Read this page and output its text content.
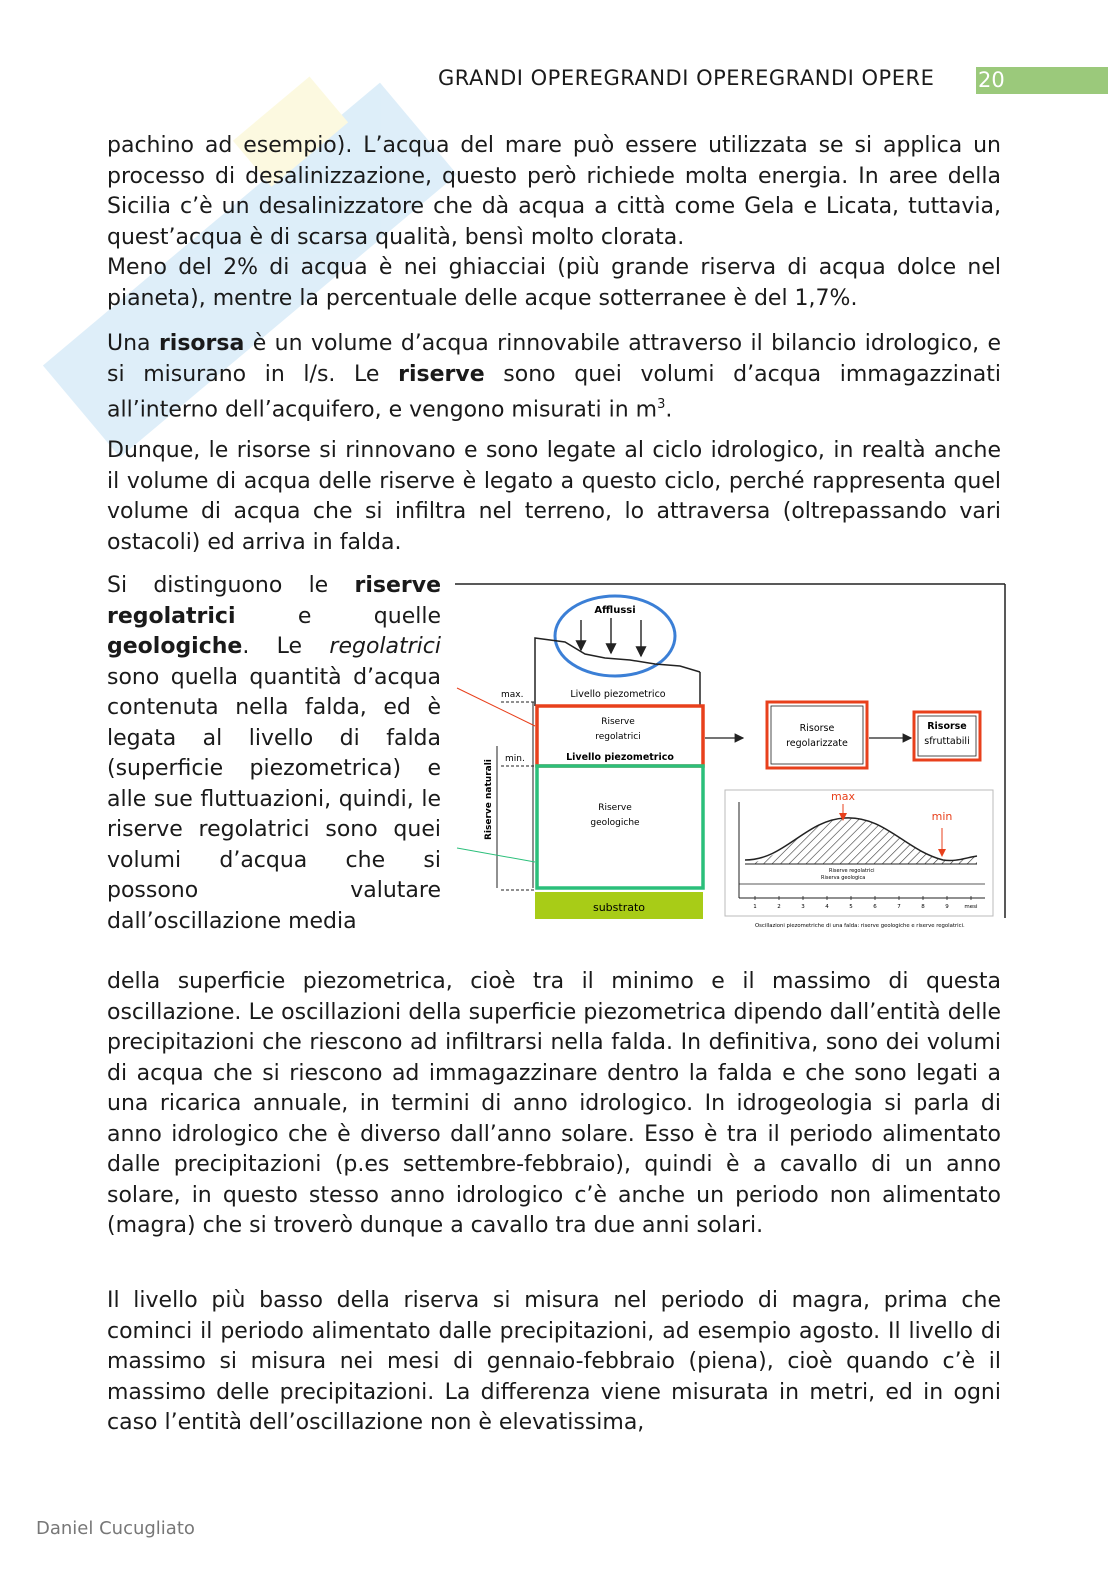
GRANDI OPEREGRANDI OPEREGRANDI OPERE	20

pachino ad esempio). L’acqua del mare può essere utilizzata se si applica un processo di desalinizzazione, questo però richiede molta energia. In aree della Sicilia c’è un desalinizzatore che dà acqua a città come Gela e Licata, tuttavia, quest’acqua è di scarsa qualità, bensì molto clorata.

Meno del 2% di acqua è nei ghiacciai (più grande riserva di acqua dolce nel pianeta), mentre la percentuale delle acque sotterranee è del 1,7%.

Una risorsa è un volume d’acqua rinnovabile attraverso il bilancio idrologico, e si misurano in l/s. Le riserve sono quei volumi d’acqua immagazzinati all’interno dell’acquifero, e vengono misurati in $m^3$.

Dunque, le risorse si rinnovano e sono legate al ciclo idrologico, in realtà anche il volume di acqua delle riserve è legato a questo ciclo, perché rappresenta quel volume di acqua che si infiltra nel terreno, lo attraversa (oltrepassando vari ostacoli) ed arriva in falda.

Si distinguono le riserve regolatrici e quelle geologiche. Le regolatrici sono quella quantità d’acqua contenuta nella falda, ed è legata al livello di falda (superficie piezometrica) e alle sue fluttuazioni, quindi, le riserve regolatrici sono quei volumi d’acqua che si possono valutare dall’oscillazione media

Afflussi
max.
min.
Riserve naturali
Livello piezometrico
Riserve
regolatrici
Livello piezometrico
Riserve
geologiche
substrato
Risorse
regolarizzate
Risorse
sfruttabili
Riserve regolatrici
Riserva geologica
max
min
1	2	3	4	5	6	7	8	9	mesi
Oscillazioni piezometriche di una falda: riserve geologiche e riserve regolatrici.

della superficie piezometrica, cioè tra il minimo e il massimo di questa oscillazione. Le oscillazioni della superficie piezometrica dipendo dall’entità delle precipitazioni che riescono ad infiltrarsi nella falda. In definitiva, sono dei volumi di acqua che si riescono ad immagazzinare dentro la falda e che sono legati a una ricarica annuale, in termini di anno idrologico. In idrogeologia si parla di anno idrologico che è diverso dall’anno solare. Esso è tra il periodo alimentato dalle precipitazioni (p.es settembre-febbraio), quindi è a cavallo di un anno solare, in questo stesso anno idrologico c’è anche un periodo non alimentato (magra) che si troverò dunque a cavallo tra due anni solari.

Il livello più basso della riserva si misura nel periodo di magra, prima che cominci il periodo alimentato dalle precipitazioni, ad esempio agosto. Il livello di massimo si misura nei mesi di gennaio-febbraio (piena), cioè quando c’è il massimo delle precipitazioni. La differenza viene misurata in metri, ed in ogni caso l’entità dell’oscillazione non è elevatissima,

Daniel Cucugliato
